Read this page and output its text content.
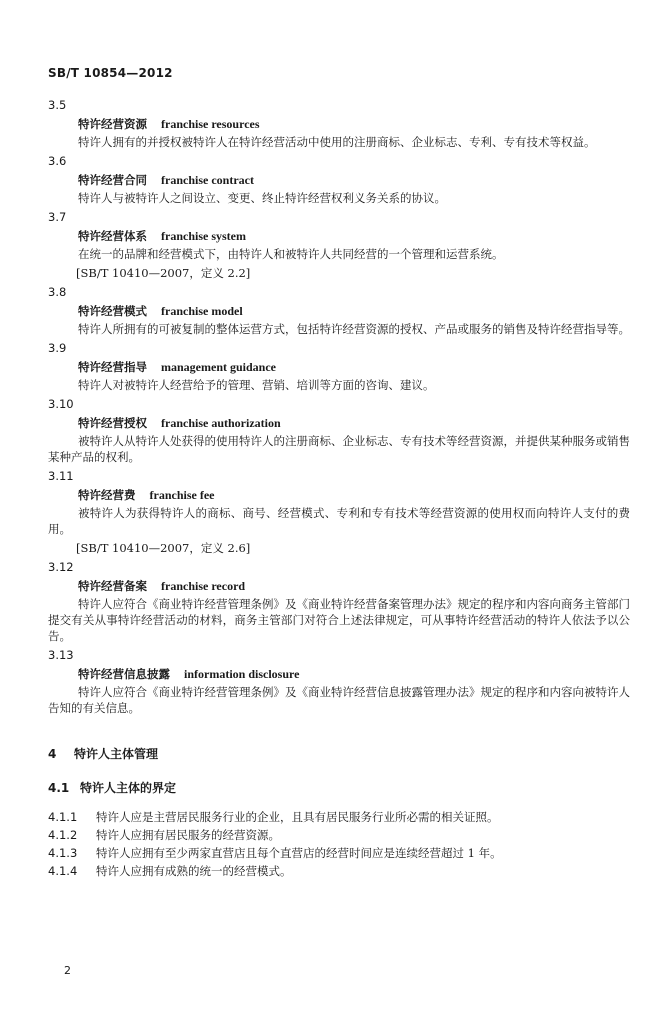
SB/T 10854—2012
3.5
特许经营资源 franchise resources
特许人拥有的并授权被特许人在特许经营活动中使用的注册商标、企业标志、专利、专有技术等权益。
3.6
特许经营合同 franchise contract
特许人与被特许人之间设立、变更、终止特许经营权利义务关系的协议。
3.7
特许经营体系 franchise system
在统一的品牌和经营模式下，由特许人和被特许人共同经营的一个管理和运营系统。
[SB/T 10410—2007，定义 2.2]
3.8
特许经营模式 franchise model
特许人所拥有的可被复制的整体运营方式，包括特许经营资源的授权、产品或服务的销售及特许经营指导等。
3.9
特许经营指导 management guidance
特许人对被特许人经营给予的管理、营销、培训等方面的咨询、建议。
3.10
特许经营授权 franchise authorization
被特许人从特许人处获得的使用特许人的注册商标、企业标志、专有技术等经营资源，并提供某种服务或销售某种产品的权利。
3.11
特许经营费 franchise fee
被特许人为获得特许人的商标、商号、经营模式、专利和专有技术等经营资源的使用权而向特许人支付的费用。
[SB/T 10410—2007，定义 2.6]
3.12
特许经营备案 franchise record
特许人应符合《商业特许经营管理条例》及《商业特许经营备案管理办法》规定的程序和内容向商务主管部门提交有关从事特许经营活动的材料，商务主管部门对符合上述法律规定，可从事特许经营活动的特许人依法予以公告。
3.13
特许经营信息披露 information disclosure
特许人应符合《商业特许经营管理条例》及《商业特许经营信息披露管理办法》规定的程序和内容向被特许人告知的有关信息。
4 特许人主体管理
4.1 特许人主体的界定
4.1.1 特许人应是主营居民服务行业的企业，且具有居民服务行业所必需的相关证照。
4.1.2 特许人应拥有居民服务的经营资源。
4.1.3 特许人应拥有至少两家直营店且每个直营店的经营时间应是连续经营超过 1 年。
4.1.4 特许人应拥有成熟的统一的经营模式。
2
